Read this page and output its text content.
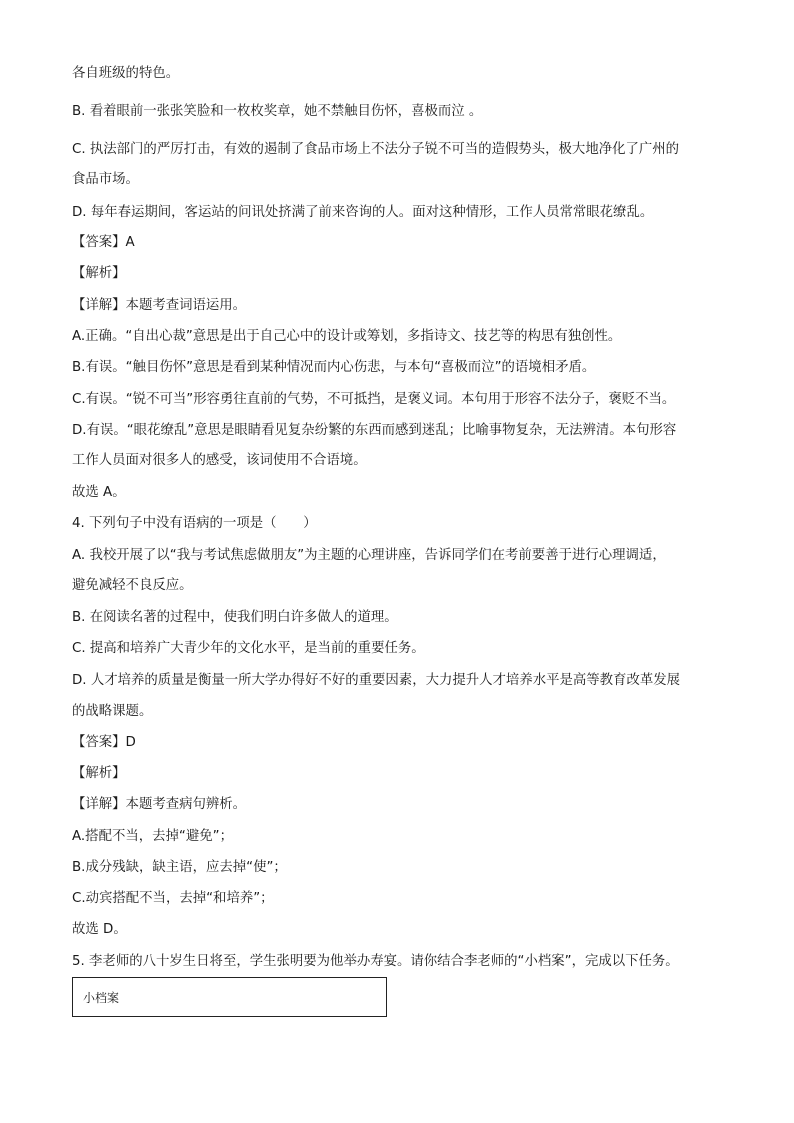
各自班级的特色。
B. 看着眼前一张张笑脸和一枚枚奖章，她不禁触目伤怀，喜极而泣 。
C. 执法部门的严厉打击，有效的遏制了食品市场上不法分子锐不可当的造假势头，极大地净化了广州的
食品市场。
D. 每年春运期间，客运站的问讯处挤满了前来咨询的人。面对这种情形，工作人员常常眼花缭乱。
【答案】A
【解析】
【详解】本题考查词语运用。
A.正确。“自出心裁”意思是出于自己心中的设计或筹划，多指诗文、技艺等的构思有独创性。
B.有误。“触目伤怀”意思是看到某种情况而内心伤悲，与本句“喜极而泣”的语境相矛盾。
C.有误。“锐不可当”形容勇往直前的气势，不可抵挡，是褒义词。本句用于形容不法分子，褒贬不当。
D.有误。“眼花缭乱”意思是眼睛看见复杂纷繁的东西而感到迷乱；比喻事物复杂，无法辨清。本句形容
工作人员面对很多人的感受，该词使用不合语境。
故选 A。
4. 下列句子中没有语病的一项是（　　）
A. 我校开展了以“我与考试焦虑做朋友”为主题的心理讲座，告诉同学们在考前要善于进行心理调适，
避免减轻不良反应。
B. 在阅读名著的过程中，使我们明白许多做人的道理。
C. 提高和培养广大青少年的文化水平，是当前的重要任务。
D. 人才培养的质量是衡量一所大学办得好不好的重要因素，大力提升人才培养水平是高等教育改革发展
的战略课题。
【答案】D
【解析】
【详解】本题考查病句辨析。
A.搭配不当，去掉“避免”；
B.成分残缺，缺主语，应去掉“使”；
C.动宾搭配不当，去掉“和培养”；
故选 D。
5. 李老师的八十岁生日将至，学生张明要为他举办寿宴。请你结合李老师的“小档案”，完成以下任务。
小档案
